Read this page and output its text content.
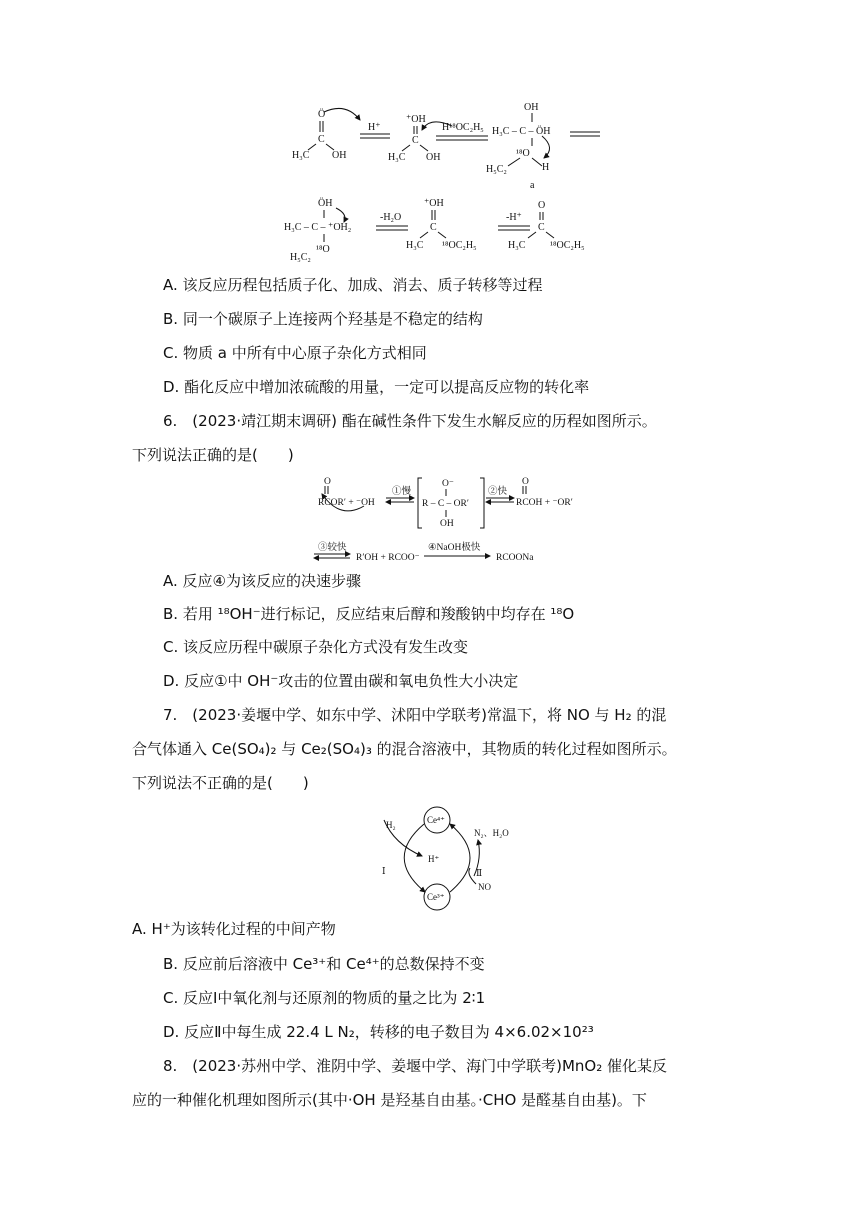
Ö
C
H₃C OH
H⁺
⁺OH
C
H₃C OH
H¹⁸OC₂H₅
OH
H₃C – C – ÖH
¹⁸O
H
H₅C₂
a
ÖH
H₃C – C – ⁺OH₂
¹⁸O
H₅C₂
-H₂O
⁺OH
C
H₃C ¹⁸OC₂H₅
-H⁺
O
C
H₃C ¹⁸OC₂H₅
A. 该反应历程包括质子化、加成、消去、质子转移等过程
B. 同一个碳原子上连接两个羟基是不稳定的结构
C. 物质 a 中所有中心原子杂化方式相同
D. 酯化反应中增加浓硫酸的用量，一定可以提高反应物的转化率
6.　(2023·靖江期末调研) 酯在碱性条件下发生水解反应的历程如图所示。
下列说法正确的是(　　)
O
RCOR′ + ⁻OH
①慢
O⁻
R – C – OR′
OH
②快
O
RCOH + ⁻OR′
③较快
R′OH + RCOO⁻
④NaOH极快
RCOONa
A. 反应④为该反应的决速步骤
B. 若用 ¹⁸OH⁻进行标记，反应结束后醇和羧酸钠中均存在 ¹⁸O
C. 该反应历程中碳原子杂化方式没有发生改变
D. 反应①中 OH⁻攻击的位置由碳和氧电负性大小决定
7.　(2023·姜堰中学、如东中学、沭阳中学联考)常温下，将 NO 与 H₂ 的混
合气体通入 Ce(SO₄)₂ 与 Ce₂(SO₄)₃ 的混合溶液中，其物质的转化过程如图所示。
下列说法不正确的是(　　)
Ce⁴⁺
Ce³⁺
H₂
H⁺
N₂、H₂O
NO
Ⅰ	Ⅱ
A. H⁺为该转化过程的中间产物
B. 反应前后溶液中 Ce³⁺和 Ce⁴⁺的总数保持不变
C. 反应Ⅰ中氧化剂与还原剂的物质的量之比为 2∶1
D. 反应Ⅱ中每生成 22.4 L N₂，转移的电子数目为 4×6.02×10²³
8.　(2023·苏州中学、淮阴中学、姜堰中学、海门中学联考)MnO₂ 催化某反
应的一种催化机理如图所示(其中·OH 是羟基自由基。·CHO 是醛基自由基)。下
